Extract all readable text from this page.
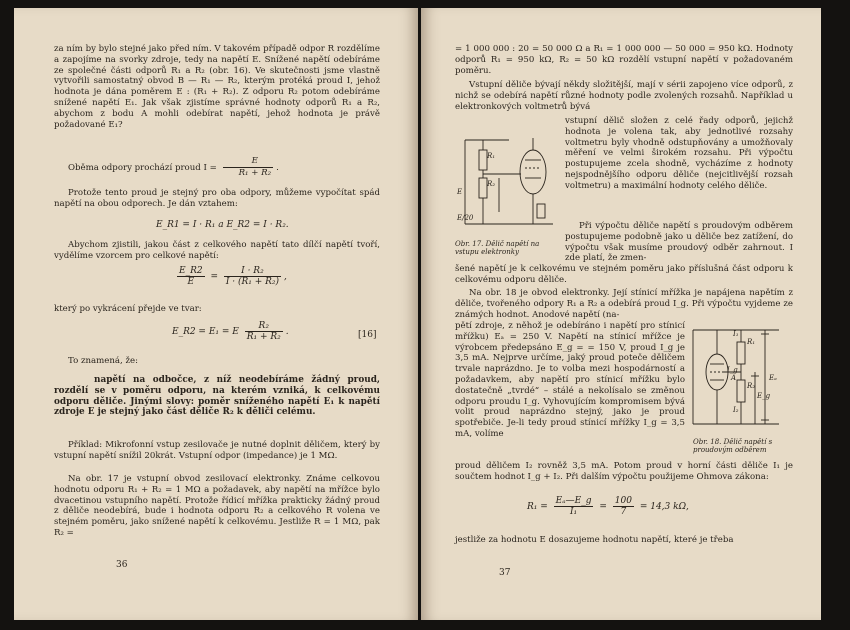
za ním by bylo stejné jako před ním. V takovém případě odpor R rozdělíme a zapojíme na svorky zdroje, tedy na napětí E. Snížené napětí odebíráme ze společné části odporů R₁ a R₂ (obr. 16). Ve skutečnosti jsme vlastně vytvořili samostatný obvod B — R₁ — R₂, kterým protéká proud I, jehož hodnota je dána poměrem E : (R₁ + R₂). Z odporu R₂ potom odebíráme snížené napětí E₁. Jak však zjistíme správné hodnoty odporů R₁ a R₂, abychom z bodu A mohli odebírat napětí, jehož hodnota je právě požadované E₁?

Oběma odpory prochází proud $I = \frac{E}{\text{R₁ + R₂}}$ .

Protože tento proud je stejný pro oba odpory, můžeme vypočítat spád napětí na obou odporech. Je dán vztahem:

E_R1 = I · R₁ a E_R2 = I · R₂.

Abychom zjistili, jakou část z celkového napětí tato dílčí napětí tvoří, vydělíme vzorcem pro celkové napětí:

$\frac{E\_R2}{E} = \frac{\text{I · R₂}}{\text{I · (R₁ + R₂)}}$ ,

který po vykrácení přejde ve tvar:

E_R2 = E₁ = E $\frac{\text{R₂}}{\text{R₁ + R₂}}$ .	[16]

To znamená, že:

napětí na odbočce, z níž neodebíráme žádný proud, rozdělí se v poměru odporu, na kterém vzniká, k celkovému odporu děliče. Jinými slovy: poměr sníženého napětí E₁ k napětí zdroje E je stejný jako část děliče R₂ k děliči celému.

Příklad: Mikrofonní vstup zesilovače je nutné doplnit děličem, který by vstupní napětí snížil 20krát. Vstupní odpor (impedance) je 1 MΩ.

Na obr. 17 je vstupní obvod zesilovací elektronky. Známe celkovou hodnotu odporu R₁ + R₂ = 1 MΩ a požadavek, aby napětí na mřížce bylo dvacetinou vstupního napětí. Protože řídicí mřížka prakticky žádný proud z děliče neodebírá, bude i hodnota odporu R₂ a celkového R volena ve stejném poměru, jako snížené napětí k celkovému. Jestliže R = 1 MΩ, pak R₂ =

36

= 1 000 000 : 20 = 50 000 Ω a R₁ = 1 000 000 — 50 000 = 950 kΩ. Hodnoty odporů R₁ = 950 kΩ, R₂ = 50 kΩ rozdělí vstupní napětí v požadovaném poměru.

Vstupní děliče bývají někdy složitější, mají v sérii zapojeno více odporů, z nichž se odebírá napětí různé hodnoty podle zvolených rozsahů. Například u elektronkových voltmetrů bývá

E
R₁
R₂
E/20
Obr. 17. Dělič napětí na vstupu elektronky

vstupní dělič složen z celé řady odporů, jejichž hodnota je volena tak, aby jednotlivé rozsahy voltmetru byly vhodně odstupňovány a umožňovaly měření ve velmi širokém rozsahu. Při výpočtu postupujeme zcela shodně, vycházíme z hodnoty nejspodnějšího odporu děliče (nejcitlivější rozsah voltmetru) a maximální hodnoty celého děliče.

Při výpočtu děliče napětí s proudovým odběrem postupujeme podobně jako u děliče bez zatížení, do výpočtu však musíme proudový odběr zahrnout. I zde platí, že zmen-

šené napětí je k celkovému ve stejném poměru jako příslušná část odporu k celkovému odporu děliče.

Na obr. 18 je obvod elektronky. Její stínicí mřížka je napájena napětím z děliče, tvořeného odpory R₁ a R₂ a odebírá proud I_g. Při výpočtu vyjdeme ze známých hodnot. Anodové napětí (na-

pětí zdroje, z něhož je odebíráno i napětí pro stínicí mřížku) Eₐ = 250 V. Napětí na stínicí mřížce je výrobcem předepsáno E_g = = 150 V, proud I_g je 3,5 mA. Nejprve určíme, jaký proud poteče děličem trvale naprázdno. Je to volba mezi hospodárností a požadavkem, aby napětí pro stínicí mřížku bylo dostatečně „tvrdé“ – stálé a nekolísalo se změnou odporu proudu I_g. Vyhovujícím kompromisem bývá volit proud naprázdno stejný, jako je proud spotřebiče. Je-li tedy proud stínicí mřížky I_g = 3,5 mA, volíme

R₁
R₂
I₁
I₂
I_g
A	Eₐ
E_g
Obr. 18. Dělič napětí s proudovým odběrem

proud děličem I₂ rovněž 3,5 mA. Potom proud v horní části děliče I₁ je součtem hodnot I_g + I₂. Při dalším výpočtu použijeme Ohmova zákona:

$R_1 = \frac{\text{Eₐ—E\_g}}{\text{I₁}} = \frac{100}{7} = 14,3$ kΩ,

jestliže za hodnotu E dosazujeme hodnotu napětí, které je třeba

37
